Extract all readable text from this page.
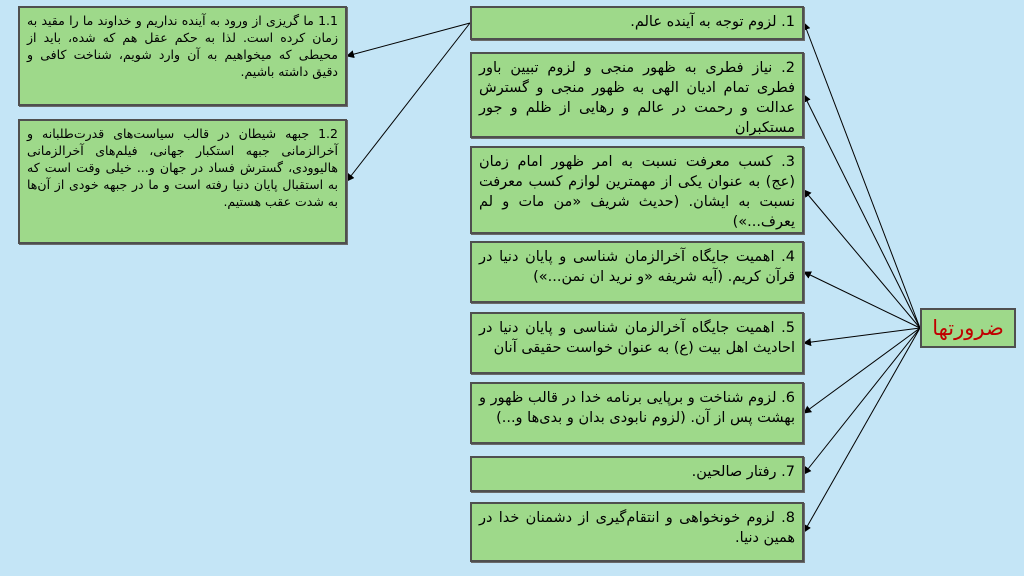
ضرورتها
1. لزوم توجه به آینده عالم.
2. نیاز فطری به ظهور منجی و لزوم تبیین باور فطری تمام ادیان الهی به ظهور منجی و گسترش عدالت و رحمت در عالم و رهایی از ظلم و جور مستکبران
3. کسب معرفت نسبت به امر ظهور امام زمان (عج) به عنوان یکی از مهمترین لوازم کسب معرفت نسبت به ایشان. (حدیث شریف «من مات و لم یعرف...»)
4. اهمیت جایگاه آخرالزمان شناسی و پایان دنیا در قرآن کریم. (آیه شریفه «و نرید ان نمن...»)
5. اهمیت جایگاه آخرالزمان شناسی و پایان دنیا در احادیث اهل بیت (ع) به عنوان خواست حقیقی آنان
6. لزوم شناخت و برپایی برنامه خدا در قالب ظهور و بهشت پس از آن. (لزوم نابودی بدان و بدی‌ها و...)
7. رفتار صالحین.
8. لزوم خونخواهی و انتقام‌گیری از دشمنان خدا در همین دنیا.
1.1 ما گریزی از ورود به آینده نداریم و خداوند ما را مقید به زمان کرده است. لذا به حکم عقل هم که شده، باید از محیطی که میخواهیم به آن وارد شویم، شناخت کافی و دقیق داشته باشیم.
1.2 جبهه شیطان در قالب سیاست‌های قدرت‌طلبانه و آخرالزمانی جبهه استکبار جهانی، فیلم‌های آخرالزمانی هالیوودی، گسترش فساد در جهان و... خیلی وقت است که به استقبال پایان دنیا رفته است و ما در جبهه خودی از آن‌ها به شدت عقب هستیم.
